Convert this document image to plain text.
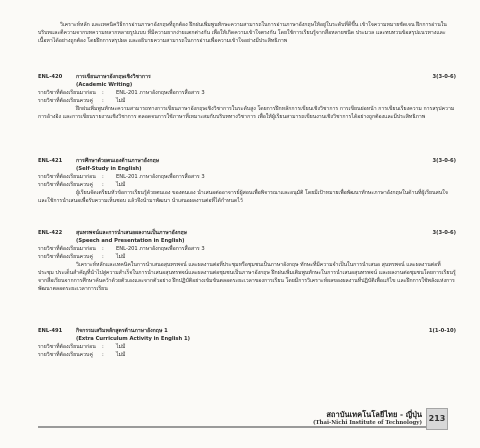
วิเคราะห์หลัก และเทคนิควิธีการอ่านภาษาอังกฤษที่ถูกต้อง ฝึกฝนเพิ่มพูนทักษะความสามารถในการอ่านภาษาอังกฤษให้อยู่ในระดับที่ดีขึ้น เข้าใจความหมายชัดเจน ฝึกการอ่านในบริบทและตีความจากบทความหลากหลายรูปแบบ ที่มีความยากง่ายแตกต่างกัน เพื่อให้เกิดความเข้าใจตรงกัน โดยใช้การเรียนรู้จากสื่อหลายชนิด ประมวล และทบทวนข้อสรุปแนวทางและเนื้อหาได้อย่างถูกต้อง โดยฝึกการสรุปผล และอธิบายความสามารถในการอ่านเพื่อความเข้าใจอย่างมีประสิทธิภาพ
ENL-420	การเขียนภาษาอังกฤษเชิงวิชาการ	3(3-0-6)
(Academic Writing)
รายวิชาที่ต้องเรียนมาก่อน : ENL-201 ภาษาอังกฤษเพื่อการสื่อสาร 3
รายวิชาที่ต้องเรียนควบคู่ : ไม่มี
ฝึกฝนเพิ่มพูนทักษะความสามารถทางการเขียนภาษาอังกฤษเชิงวิชาการในระดับสูง โดยการฝึกหลักการเขียนเชิงวิชาการ การเขียนย่อหน้า การเขียนเรียงความ การสรุปความ การอ้างอิง และการเขียนรายงานเชิงวิชาการ ตลอดจนการใช้ภาษาที่เหมาะสมกับบริบททางวิชาการ เพื่อให้ผู้เรียนสามารถเขียนงานเชิงวิชาการได้อย่างถูกต้องและมีประสิทธิภาพ
ENL-421	การศึกษาด้วยตนเองด้านภาษาอังกฤษ	3(3-0-6)
(Self-Study in English)
รายวิชาที่ต้องเรียนมาก่อน : ENL-201 ภาษาอังกฤษเพื่อการสื่อสาร 3
รายวิชาที่ต้องเรียนควบคู่ : ไม่มี
ผู้เรียนจัดเตรียมหัวข้อการเรียนรู้ด้วยตนเอง ของตนเอง นำเสนอต่ออาจารย์ผู้สอนเพื่อพิจารณาและอนุมัติ โดยมีเป้าหมายเพื่อพัฒนาทักษะภาษาอังกฤษในด้านที่ผู้เรียนสนใจ และใช้การนำเสนอเพื่อรับความเห็นชอบ แล้วจึงนำมาพัฒนา นำเสนอผลงานต่อที่ได้กำหนดไว้
ENL-422	สุนทรพจน์และการนำเสนอผลงานเป็นภาษาอังกฤษ	3(3-0-6)
(Speech and Presentation in English)
รายวิชาที่ต้องเรียนมาก่อน : ENL-201 ภาษาอังกฤษเพื่อการสื่อสาร 3
รายวิชาที่ต้องเรียนควบคู่ : ไม่มี
วิเคราะห์หลักและเทคนิคในการนำเสนอสุนทรพจน์ และผลงานต่อที่ประชุมหรือชุมชนเป็นภาษาอังกฤษ ทักษะที่มีความจำเป็นในการนำเสนอ สุนทรพจน์ และผลงานต่อที่ประชุม ประเด็นสำคัญที่นำไปสู่ความสำเร็จในการนำเสนอสุนทรพจน์และผลงานต่อชุมชนเป็นภาษาอังกฤษ ฝึกฝนเพิ่มเติมพูนทักษะในการนำเสนอสุนทรพจน์ และผลงานต่อชุมชนโดยการเรียนรู้ จากสื่อเรียนจากการศึกษาค้นคว้าด้วยตัวเองและจากตัวอย่าง ฝึกปฏิบัติอย่างเข้มข้นตลอดระยะเวลาของการเรียน โดยมีการวิเคราะห์ผลของผลงานที่ปฏิบัติเพื่อแก้ไข และฝึกการใช้พลังแห่งการพัฒนาตลอดระยะเวลาการเรียน
ENL-491	กิจกรรมเสริมหลักสูตรด้านภาษาอังกฤษ 1	1(1-0-10)
(Extra Curriculum Activity in English 1)
รายวิชาที่ต้องเรียนมาก่อน : ไม่มี
รายวิชาที่ต้องเรียนควบคู่ : ไม่มี
สถาบันเทคโนโลยีไทย - ญี่ปุ่น
(Thai-Nichi Institute of Technology) 213
